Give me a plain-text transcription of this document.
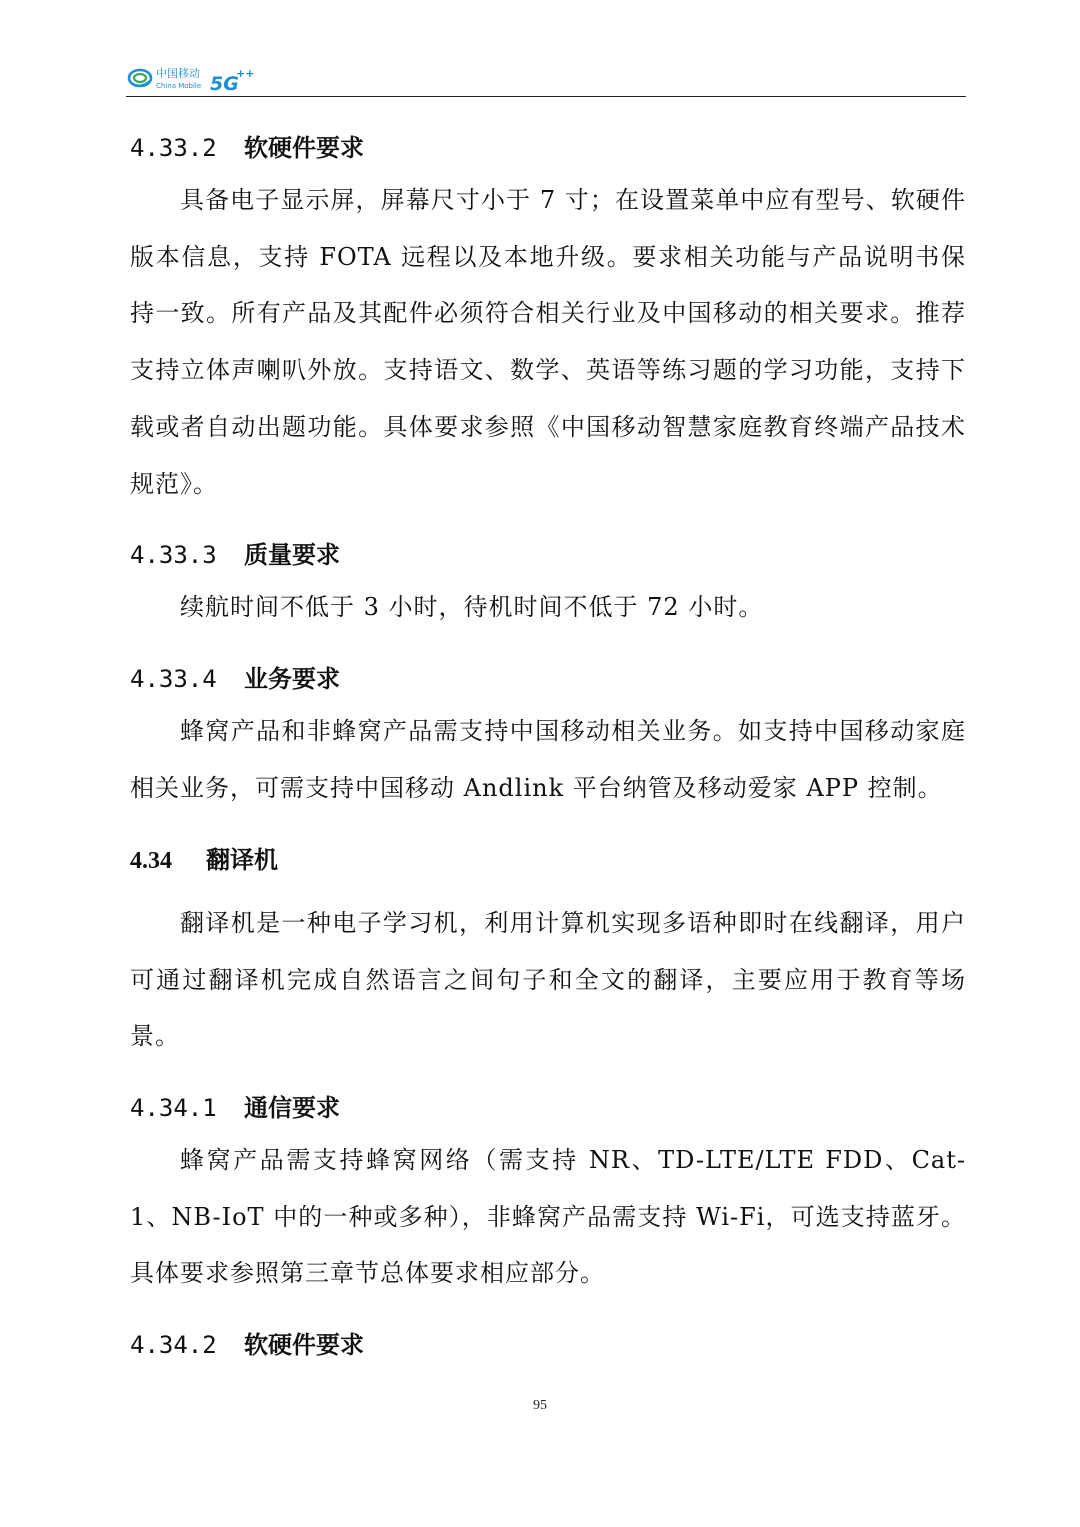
中国移动
China Mobile 5G
++
4.33.2 软硬件要求

具备电子显示屏，屏幕尺寸小于 7 寸；在设置菜单中应有型号、软硬件版本信息，支持 FOTA 远程以及本地升级。要求相关功能与产品说明书保持一致。所有产品及其配件必须符合相关行业及中国移动的相关要求。推荐支持立体声喇叭外放。支持语文、数学、英语等练习题的学习功能，支持下载或者自动出题功能。具体要求参照《中国移动智慧家庭教育终端产品技术规范》。

4.33.3 质量要求

续航时间不低于 3 小时，待机时间不低于 72 小时。

4.33.4 业务要求

蜂窝产品和非蜂窝产品需支持中国移动相关业务。如支持中国移动家庭相关业务，可需支持中国移动 Andlink 平台纳管及移动爱家 APP 控制。

4.34 翻译机

翻译机是一种电子学习机，利用计算机实现多语种即时在线翻译，用户可通过翻译机完成自然语言之间句子和全文的翻译，主要应用于教育等场景。

4.34.1 通信要求

蜂窝产品需支持蜂窝网络（需支持 NR、TD-LTE/LTE FDD、Cat-1、NB-IoT 中的一种或多种），非蜂窝产品需支持 Wi-Fi，可选支持蓝牙。具体要求参照第三章节总体要求相应部分。

4.34.2 软硬件要求
95
